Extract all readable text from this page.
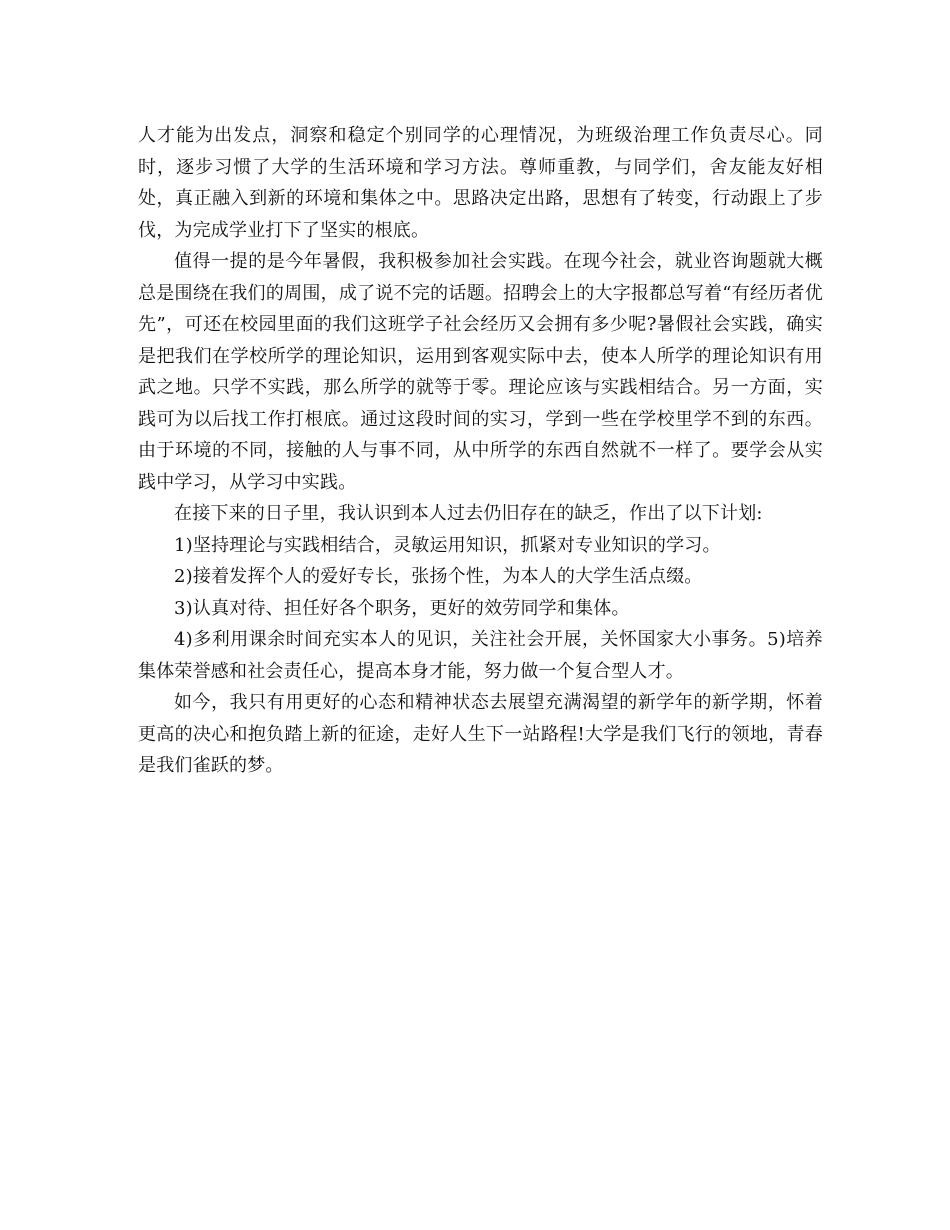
人才能为出发点，洞察和稳定个别同学的心理情况，为班级治理工作负责尽心。同时，逐步习惯了大学的生活环境和学习方法。尊师重教，与同学们，舍友能友好相处，真正融入到新的环境和集体之中。思路决定出路，思想有了转变，行动跟上了步伐，为完成学业打下了坚实的根底。

值得一提的是今年暑假，我积极参加社会实践。在现今社会，就业咨询题就大概总是围绕在我们的周围，成了说不完的话题。招聘会上的大字报都总写着“有经历者优先”，可还在校园里面的我们这班学子社会经历又会拥有多少呢?暑假社会实践，确实是把我们在学校所学的理论知识，运用到客观实际中去，使本人所学的理论知识有用武之地。只学不实践，那么所学的就等于零。理论应该与实践相结合。另一方面，实践可为以后找工作打根底。通过这段时间的实习，学到一些在学校里学不到的东西。由于环境的不同，接触的人与事不同，从中所学的东西自然就不一样了。要学会从实践中学习，从学习中实践。

在接下来的日子里，我认识到本人过去仍旧存在的缺乏，作出了以下计划:

1)坚持理论与实践相结合，灵敏运用知识，抓紧对专业知识的学习。

2)接着发挥个人的爱好专长，张扬个性，为本人的大学生活点缀。

3)认真对待、担任好各个职务，更好的效劳同学和集体。

4)多利用课余时间充实本人的见识，关注社会开展，关怀国家大小事务。5)培养集体荣誉感和社会责任心，提高本身才能，努力做一个复合型人才。

如今，我只有用更好的心态和精神状态去展望充满渴望的新学年的新学期，怀着更高的决心和抱负踏上新的征途，走好人生下一站路程!大学是我们飞行的领地，青春是我们雀跃的梦。
